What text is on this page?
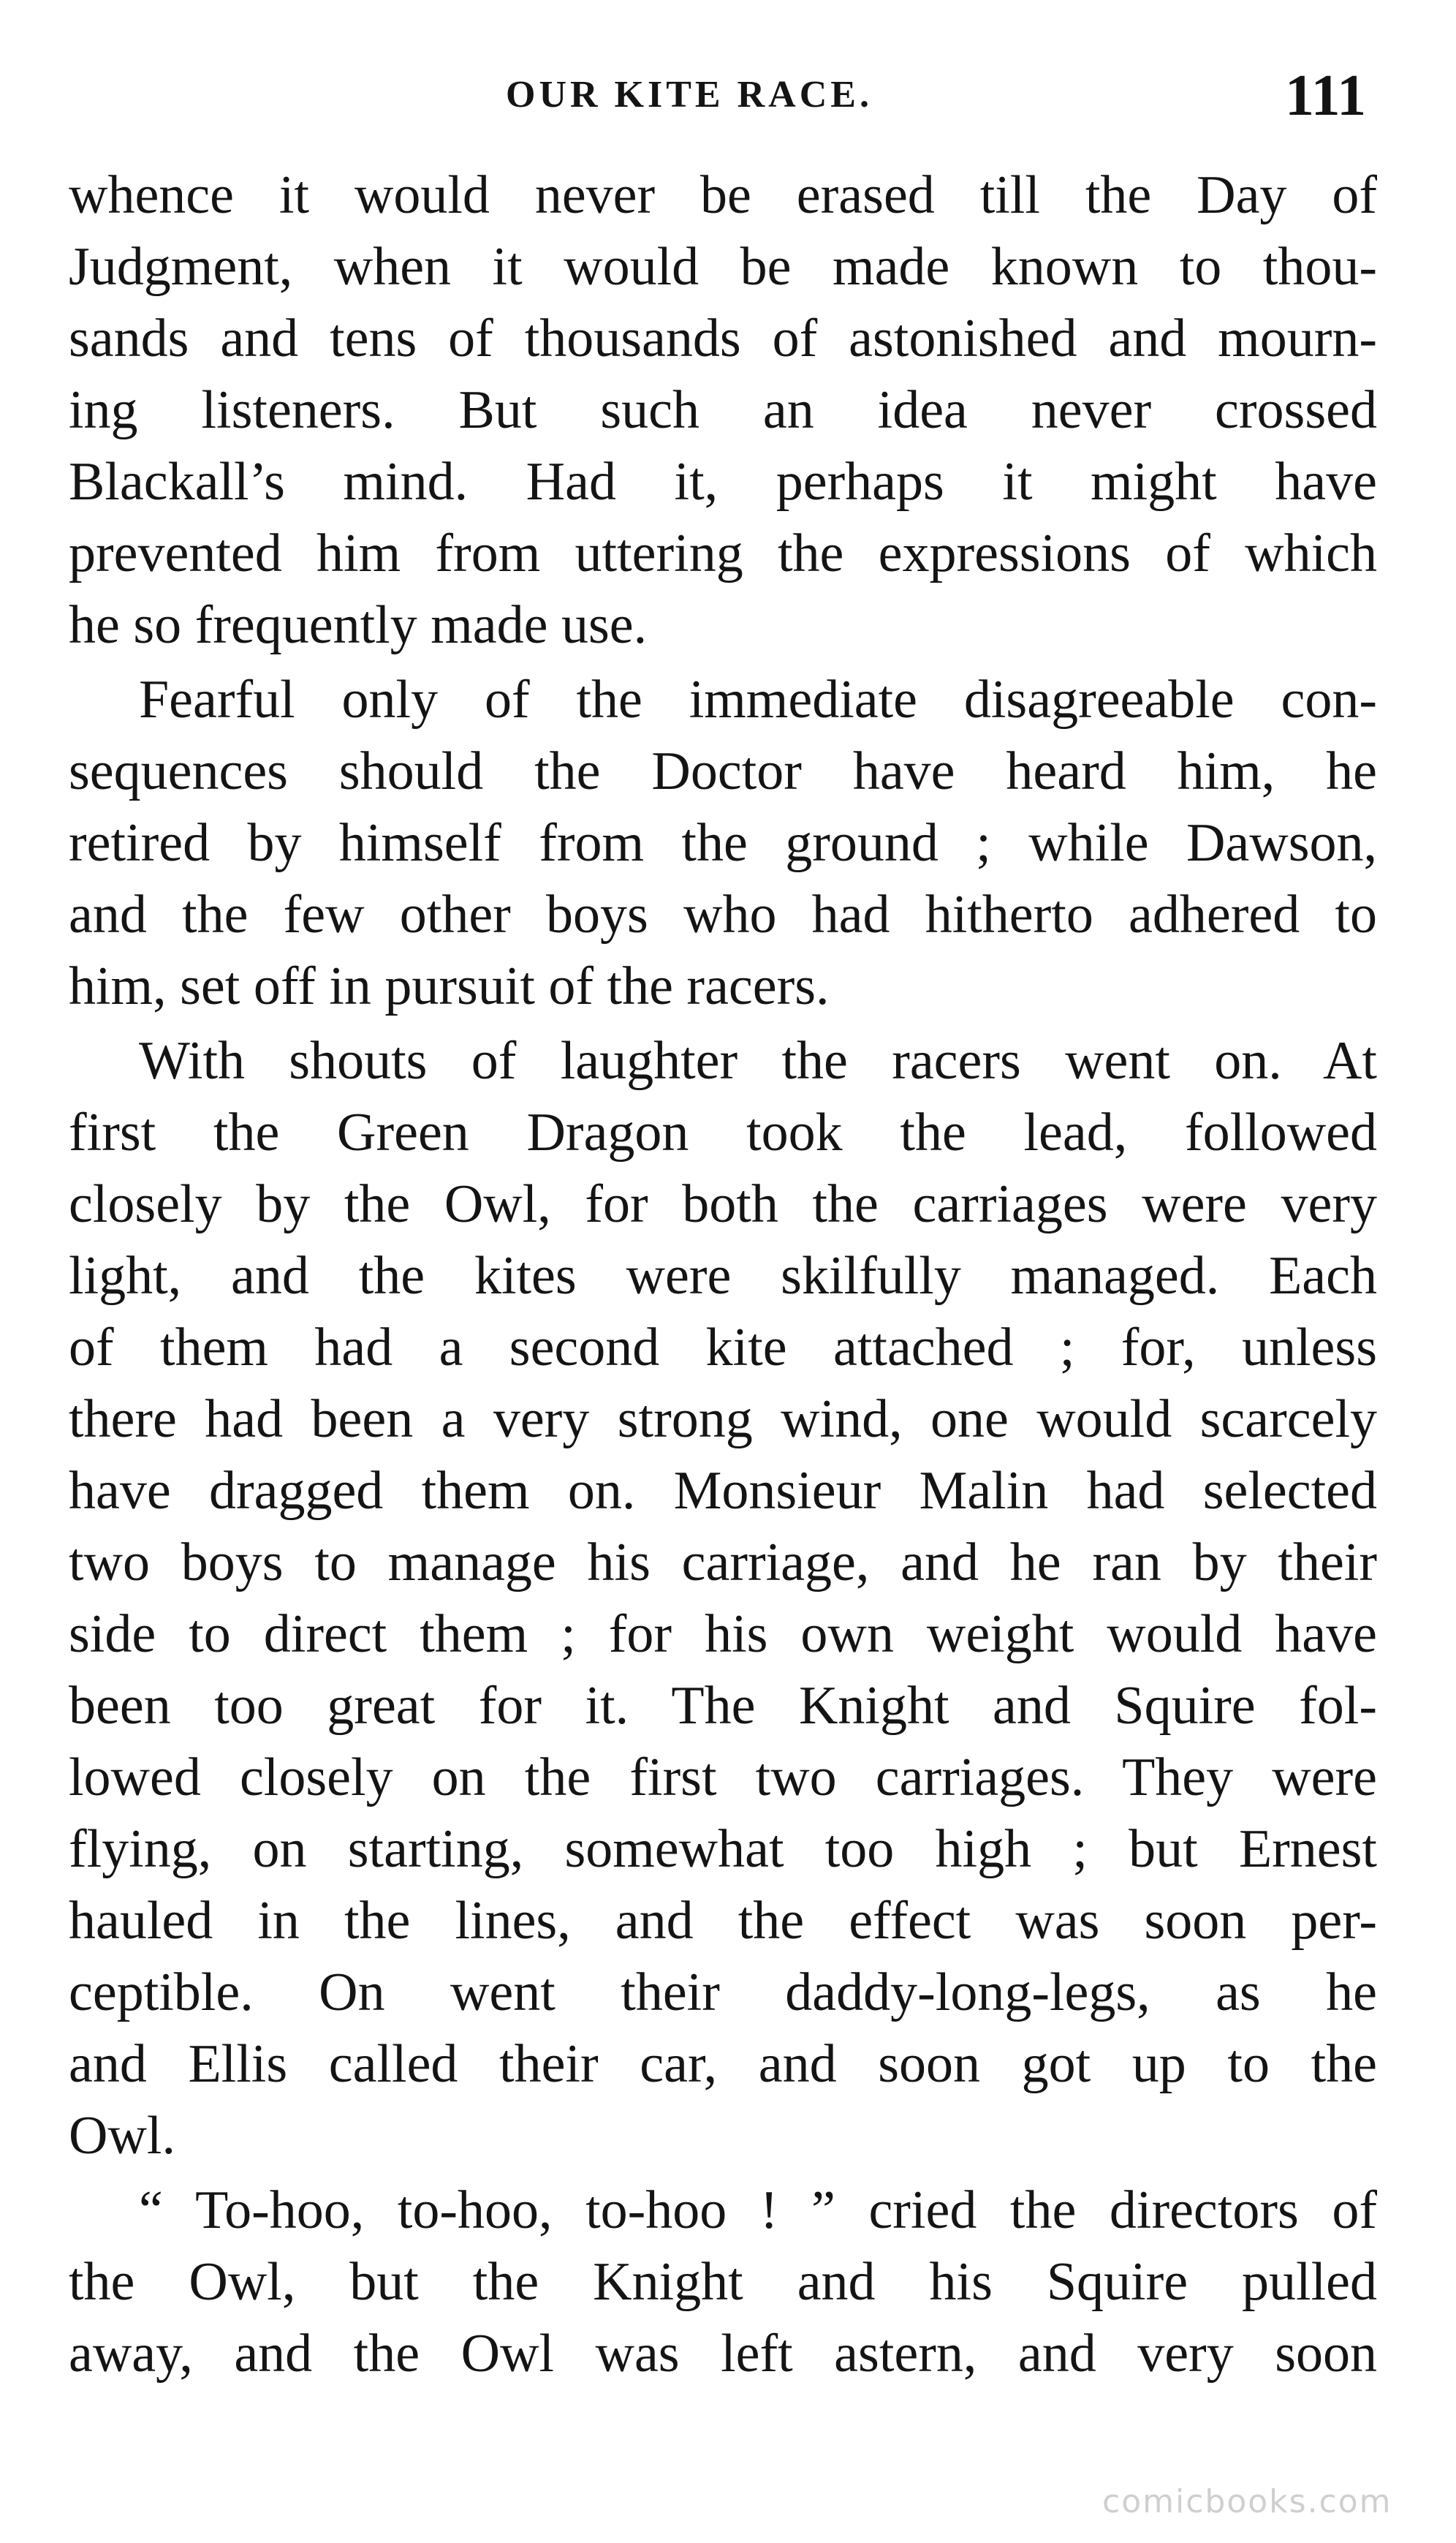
OUR KITE RACE.	111
whence it would never be erased till the Day of
Judgment, when it would be made known to thou-
sands and tens of thousands of astonished and mourn-
ing listeners. But such an idea never crossed
Blackall’s mind. Had it, perhaps it might have
prevented him from uttering the expressions of which
he so frequently made use.
Fearful only of the immediate disagreeable con-
sequences should the Doctor have heard him, he
retired by himself from the ground ; while Dawson,
and the few other boys who had hitherto adhered to
him, set off in pursuit of the racers.
With shouts of laughter the racers went on. At
first the Green Dragon took the lead, followed
closely by the Owl, for both the carriages were very
light, and the kites were skilfully managed. Each
of them had a second kite attached ; for, unless
there had been a very strong wind, one would scarcely
have dragged them on. Monsieur Malin had selected
two boys to manage his carriage, and he ran by their
side to direct them ; for his own weight would have
been too great for it. The Knight and Squire fol-
lowed closely on the first two carriages. They were
flying, on starting, somewhat too high ; but Ernest
hauled in the lines, and the effect was soon per-
ceptible. On went their daddy-long-legs, as he
and Ellis called their car, and soon got up to the
Owl.
“ To-hoo, to-hoo, to-hoo ! ” cried the directors of
the Owl, but the Knight and his Squire pulled
away, and the Owl was left astern, and very soon
comicbooks.com
